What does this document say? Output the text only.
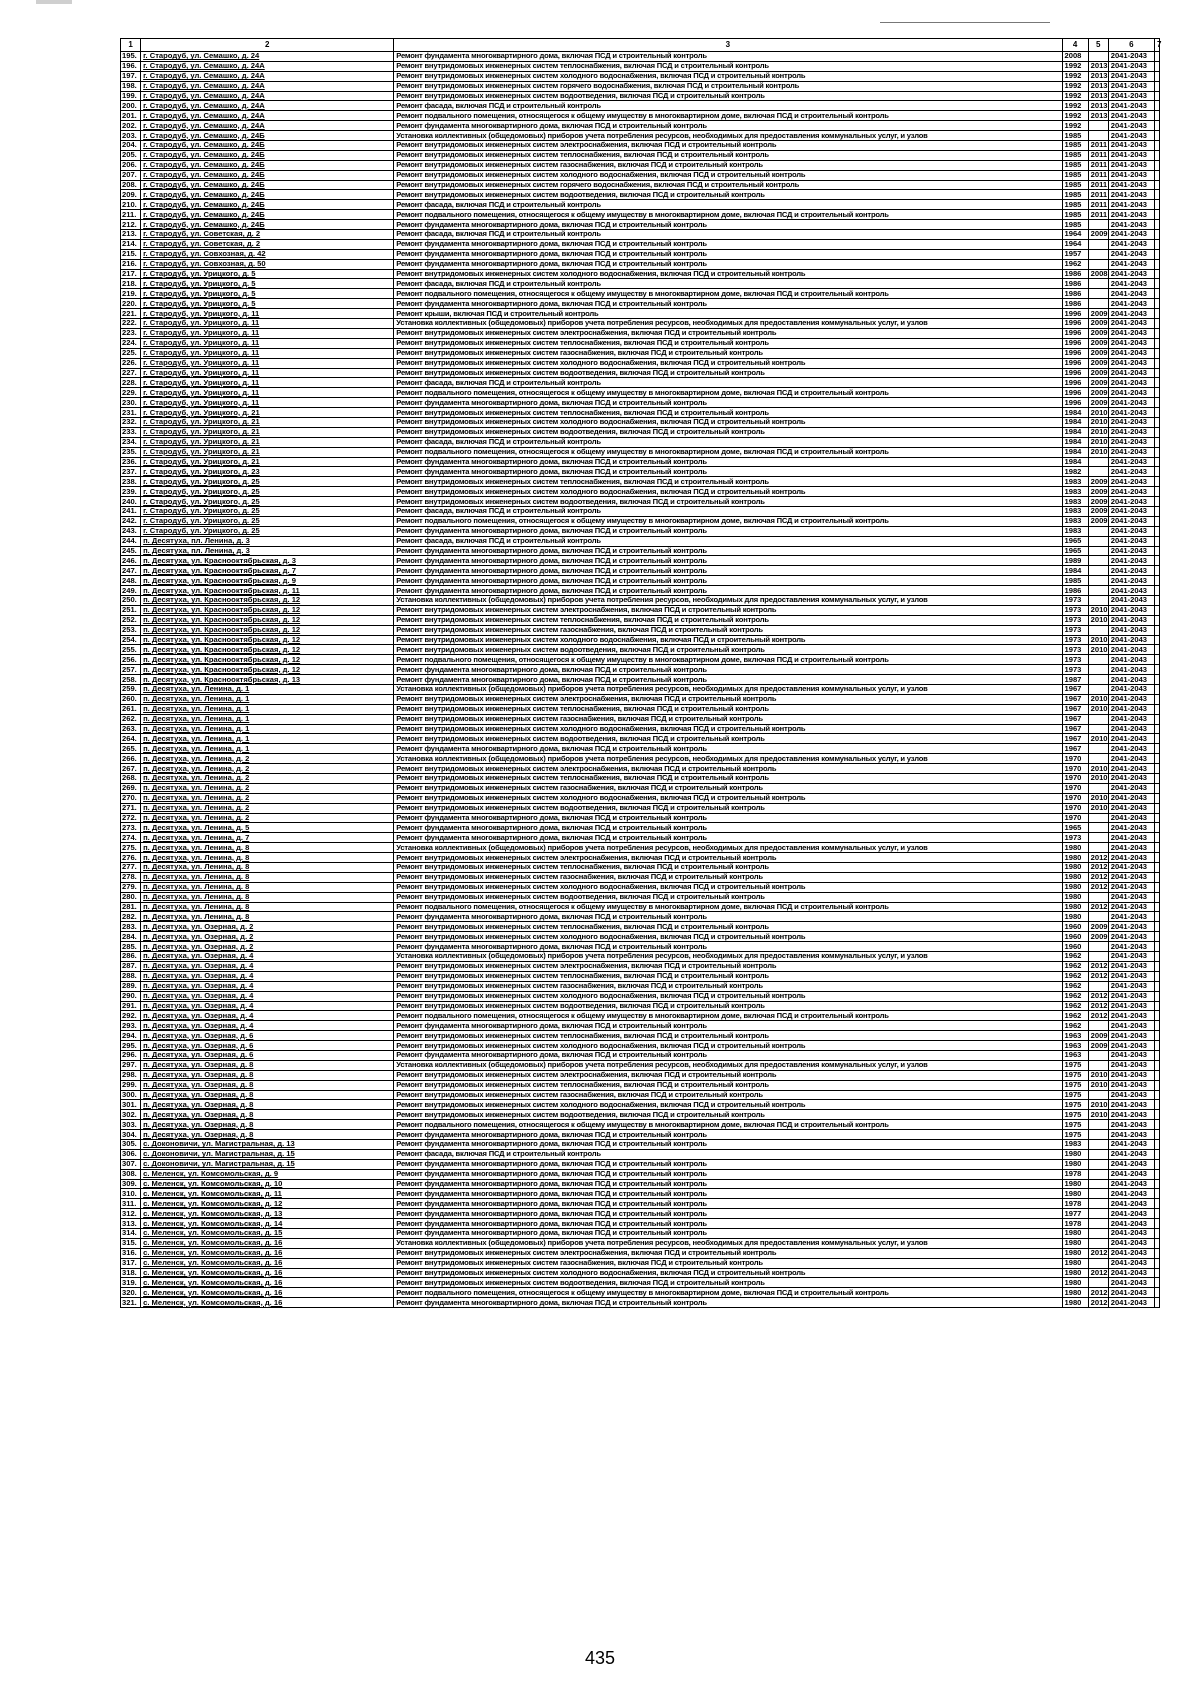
1	2	3	4	5	6	7
195.	г. Стародуб, ул. Семашко, д. 24	Ремонт фундамента многоквартирного дома, включая ПСД и строительный контроль	2008		2041-2043	
196.	г. Стародуб, ул. Семашко, д. 24А	Ремонт внутридомовых инженерных систем теплоснабжения, включая ПСД и строительный контроль	1992	2013	2041-2043	
197.	г. Стародуб, ул. Семашко, д. 24А	Ремонт внутридомовых инженерных систем холодного водоснабжения, включая ПСД и строительный контроль	1992	2013	2041-2043	
198.	г. Стародуб, ул. Семашко, д. 24А	Ремонт внутридомовых инженерных систем горячего водоснабжения, включая ПСД и строительный контроль	1992	2013	2041-2043	
199.	г. Стародуб, ул. Семашко, д. 24А	Ремонт внутридомовых инженерных систем водоотведения, включая ПСД и строительный контроль	1992	2013	2041-2043	
200.	г. Стародуб, ул. Семашко, д. 24А	Ремонт фасада, включая ПСД и строительный контроль	1992	2013	2041-2043	
201.	г. Стародуб, ул. Семашко, д. 24А	Ремонт подвального помещения, относящегося к общему имуществу в многоквартирном доме, включая ПСД и строительный контроль	1992	2013	2041-2043	
202.	г. Стародуб, ул. Семашко, д. 24А	Ремонт фундамента многоквартирного дома, включая ПСД и строительный контроль	1992		2041-2043	
203.	г. Стародуб, ул. Семашко, д. 24Б	Установка коллективных (общедомовых) приборов учета потребления ресурсов, необходимых для предоставления коммунальных услуг, и узлов	1985		2041-2043	
204.	г. Стародуб, ул. Семашко, д. 24Б	Ремонт внутридомовых инженерных систем электроснабжения, включая ПСД и строительный контроль	1985	2011	2041-2043	
205.	г. Стародуб, ул. Семашко, д. 24Б	Ремонт внутридомовых инженерных систем теплоснабжения, включая ПСД и строительный контроль	1985	2011	2041-2043	
206.	г. Стародуб, ул. Семашко, д. 24Б	Ремонт внутридомовых инженерных систем газоснабжения, включая ПСД и строительный контроль	1985	2011	2041-2043	
207.	г. Стародуб, ул. Семашко, д. 24Б	Ремонт внутридомовых инженерных систем холодного водоснабжения, включая ПСД и строительный контроль	1985	2011	2041-2043	
208.	г. Стародуб, ул. Семашко, д. 24Б	Ремонт внутридомовых инженерных систем горячего водоснабжения, включая ПСД и строительный контроль	1985	2011	2041-2043	
209.	г. Стародуб, ул. Семашко, д. 24Б	Ремонт внутридомовых инженерных систем водоотведения, включая ПСД и строительный контроль	1985	2011	2041-2043	
210.	г. Стародуб, ул. Семашко, д. 24Б	Ремонт фасада, включая ПСД и строительный контроль	1985	2011	2041-2043	
211.	г. Стародуб, ул. Семашко, д. 24Б	Ремонт подвального помещения, относящегося к общему имуществу в многоквартирном доме, включая ПСД и строительный контроль	1985	2011	2041-2043	
212.	г. Стародуб, ул. Семашко, д. 24Б	Ремонт фундамента многоквартирного дома, включая ПСД и строительный контроль	1985		2041-2043	
213.	г. Стародуб, ул. Советская, д. 2	Ремонт фасада, включая ПСД и строительный контроль	1964	2009	2041-2043	
214.	г. Стародуб, ул. Советская, д. 2	Ремонт фундамента многоквартирного дома, включая ПСД и строительный контроль	1964		2041-2043	
215.	г. Стародуб, ул. Совхозная, д. 42	Ремонт фундамента многоквартирного дома, включая ПСД и строительный контроль	1957		2041-2043	
216.	г. Стародуб, ул. Совхозная, д. 50	Ремонт фундамента многоквартирного дома, включая ПСД и строительный контроль	1962		2041-2043	
217.	г. Стародуб, ул. Урицкого, д. 5	Ремонт внутридомовых инженерных систем холодного водоснабжения, включая ПСД и строительный контроль	1986	2008	2041-2043	
218.	г. Стародуб, ул. Урицкого, д. 5	Ремонт фасада, включая ПСД и строительный контроль	1986		2041-2043	
219.	г. Стародуб, ул. Урицкого, д. 5	Ремонт подвального помещения, относящегося к общему имуществу в многоквартирном доме, включая ПСД и строительный контроль	1986		2041-2043	
220.	г. Стародуб, ул. Урицкого, д. 5	Ремонт фундамента многоквартирного дома, включая ПСД и строительный контроль	1986		2041-2043	
221.	г. Стародуб, ул. Урицкого, д. 11	Ремонт крыши, включая ПСД и строительный контроль	1996	2009	2041-2043	
222.	г. Стародуб, ул. Урицкого, д. 11	Установка коллективных (общедомовых) приборов учета потребления ресурсов, необходимых для предоставления коммунальных услуг, и узлов	1996	2009	2041-2043	
223.	г. Стародуб, ул. Урицкого, д. 11	Ремонт внутридомовых инженерных систем электроснабжения, включая ПСД и строительный контроль	1996	2009	2041-2043	
224.	г. Стародуб, ул. Урицкого, д. 11	Ремонт внутридомовых инженерных систем теплоснабжения, включая ПСД и строительный контроль	1996	2009	2041-2043	
225.	г. Стародуб, ул. Урицкого, д. 11	Ремонт внутридомовых инженерных систем газоснабжения, включая ПСД и строительный контроль	1996	2009	2041-2043	
226.	г. Стародуб, ул. Урицкого, д. 11	Ремонт внутридомовых инженерных систем холодного водоснабжения, включая ПСД и строительный контроль	1996	2009	2041-2043	
227.	г. Стародуб, ул. Урицкого, д. 11	Ремонт внутридомовых инженерных систем водоотведения, включая ПСД и строительный контроль	1996	2009	2041-2043	
228.	г. Стародуб, ул. Урицкого, д. 11	Ремонт фасада, включая ПСД и строительный контроль	1996	2009	2041-2043	
229.	г. Стародуб, ул. Урицкого, д. 11	Ремонт подвального помещения, относящегося к общему имуществу в многоквартирном доме, включая ПСД и строительный контроль	1996	2009	2041-2043	
230.	г. Стародуб, ул. Урицкого, д. 11	Ремонт фундамента многоквартирного дома, включая ПСД и строительный контроль	1996	2009	2041-2043	
231.	г. Стародуб, ул. Урицкого, д. 21	Ремонт внутридомовых инженерных систем теплоснабжения, включая ПСД и строительный контроль	1984	2010	2041-2043	
232.	г. Стародуб, ул. Урицкого, д. 21	Ремонт внутридомовых инженерных систем холодного водоснабжения, включая ПСД и строительный контроль	1984	2010	2041-2043	
233.	г. Стародуб, ул. Урицкого, д. 21	Ремонт внутридомовых инженерных систем водоотведения, включая ПСД и строительный контроль	1984	2010	2041-2043	
234.	г. Стародуб, ул. Урицкого, д. 21	Ремонт фасада, включая ПСД и строительный контроль	1984	2010	2041-2043	
235.	г. Стародуб, ул. Урицкого, д. 21	Ремонт подвального помещения, относящегося к общему имуществу в многоквартирном доме, включая ПСД и строительный контроль	1984	2010	2041-2043	
236.	г. Стародуб, ул. Урицкого, д. 21	Ремонт фундамента многоквартирного дома, включая ПСД и строительный контроль	1984		2041-2043	
237.	г. Стародуб, ул. Урицкого, д. 23	Ремонт фундамента многоквартирного дома, включая ПСД и строительный контроль	1982		2041-2043	
238.	г. Стародуб, ул. Урицкого, д. 25	Ремонт внутридомовых инженерных систем теплоснабжения, включая ПСД и строительный контроль	1983	2009	2041-2043	
239.	г. Стародуб, ул. Урицкого, д. 25	Ремонт внутридомовых инженерных систем холодного водоснабжения, включая ПСД и строительный контроль	1983	2009	2041-2043	
240.	г. Стародуб, ул. Урицкого, д. 25	Ремонт внутридомовых инженерных систем водоотведения, включая ПСД и строительный контроль	1983	2009	2041-2043	
241.	г. Стародуб, ул. Урицкого, д. 25	Ремонт фасада, включая ПСД и строительный контроль	1983	2009	2041-2043	
242.	г. Стародуб, ул. Урицкого, д. 25	Ремонт подвального помещения, относящегося к общему имуществу в многоквартирном доме, включая ПСД и строительный контроль	1983	2009	2041-2043	
243.	г. Стародуб, ул. Урицкого, д. 25	Ремонт фундамента многоквартирного дома, включая ПСД и строительный контроль	1983		2041-2043	
244.	п. Десятуха, пл. Ленина, д. 3	Ремонт фасада, включая ПСД и строительный контроль	1965		2041-2043	
245.	п. Десятуха, пл. Ленина, д. 3	Ремонт фундамента многоквартирного дома, включая ПСД и строительный контроль	1965		2041-2043	
246.	п. Десятуха, ул. Красноoктябрьская, д. 3	Ремонт фундамента многоквартирного дома, включая ПСД и строительный контроль	1989		2041-2043	
247.	п. Десятуха, ул. Красноoктябрьская, д. 7	Ремонт фундамента многоквартирного дома, включая ПСД и строительный контроль	1984		2041-2043	
248.	п. Десятуха, ул. Красноoктябрьская, д. 9	Ремонт фундамента многоквартирного дома, включая ПСД и строительный контроль	1985		2041-2043	
249.	п. Десятуха, ул. Красноoктябрьская, д. 11	Ремонт фундамента многоквартирного дома, включая ПСД и строительный контроль	1986		2041-2043	
250.	п. Десятуха, ул. Красноoктябрьская, д. 12	Установка коллективных (общедомовых) приборов учета потребления ресурсов, необходимых для предоставления коммунальных услуг, и узлов	1973		2041-2043	
251.	п. Десятуха, ул. Красноoктябрьская, д. 12	Ремонт внутридомовых инженерных систем электроснабжения, включая ПСД и строительный контроль	1973	2010	2041-2043	
252.	п. Десятуха, ул. Красноoктябрьская, д. 12	Ремонт внутридомовых инженерных систем теплоснабжения, включая ПСД и строительный контроль	1973	2010	2041-2043	
253.	п. Десятуха, ул. Красноoктябрьская, д. 12	Ремонт внутридомовых инженерных систем газоснабжения, включая ПСД и строительный контроль	1973		2041-2043	
254.	п. Десятуха, ул. Красноoктябрьская, д. 12	Ремонт внутридомовых инженерных систем холодного водоснабжения, включая ПСД и строительный контроль	1973	2010	2041-2043	
255.	п. Десятуха, ул. Красноoктябрьская, д. 12	Ремонт внутридомовых инженерных систем водоотведения, включая ПСД и строительный контроль	1973	2010	2041-2043	
256.	п. Десятуха, ул. Красноoктябрьская, д. 12	Ремонт подвального помещения, относящегося к общему имуществу в многоквартирном доме, включая ПСД и строительный контроль	1973		2041-2043	
257.	п. Десятуха, ул. Красноoктябрьская, д. 12	Ремонт фундамента многоквартирного дома, включая ПСД и строительный контроль	1973		2041-2043	
258.	п. Десятуха, ул. Красноoктябрьская, д. 13	Ремонт фундамента многоквартирного дома, включая ПСД и строительный контроль	1987		2041-2043	
259.	п. Десятуха, ул. Ленина, д. 1	Установка коллективных (общедомовых) приборов учета потребления ресурсов, необходимых для предоставления коммунальных услуг, и узлов	1967		2041-2043	
260.	п. Десятуха, ул. Ленина, д. 1	Ремонт внутридомовых инженерных систем электроснабжения, включая ПСД и строительный контроль	1967	2010	2041-2043	
261.	п. Десятуха, ул. Ленина, д. 1	Ремонт внутридомовых инженерных систем теплоснабжения, включая ПСД и строительный контроль	1967	2010	2041-2043	
262.	п. Десятуха, ул. Ленина, д. 1	Ремонт внутридомовых инженерных систем газоснабжения, включая ПСД и строительный контроль	1967		2041-2043	
263.	п. Десятуха, ул. Ленина, д. 1	Ремонт внутридомовых инженерных систем холодного водоснабжения, включая ПСД и строительный контроль	1967		2041-2043	
264.	п. Десятуха, ул. Ленина, д. 1	Ремонт внутридомовых инженерных систем водоотведения, включая ПСД и строительный контроль	1967	2010	2041-2043	
265.	п. Десятуха, ул. Ленина, д. 1	Ремонт фундамента многоквартирного дома, включая ПСД и строительный контроль	1967		2041-2043	
266.	п. Десятуха, ул. Ленина, д. 2	Установка коллективных (общедомовых) приборов учета потребления ресурсов, необходимых для предоставления коммунальных услуг, и узлов	1970		2041-2043	
267.	п. Десятуха, ул. Ленина, д. 2	Ремонт внутридомовых инженерных систем электроснабжения, включая ПСД и строительный контроль	1970	2010	2041-2043	
268.	п. Десятуха, ул. Ленина, д. 2	Ремонт внутридомовых инженерных систем теплоснабжения, включая ПСД и строительный контроль	1970	2010	2041-2043	
269.	п. Десятуха, ул. Ленина, д. 2	Ремонт внутридомовых инженерных систем газоснабжения, включая ПСД и строительный контроль	1970		2041-2043	
270.	п. Десятуха, ул. Ленина, д. 2	Ремонт внутридомовых инженерных систем холодного водоснабжения, включая ПСД и строительный контроль	1970	2010	2041-2043	
271.	п. Десятуха, ул. Ленина, д. 2	Ремонт внутридомовых инженерных систем водоотведения, включая ПСД и строительный контроль	1970	2010	2041-2043	
272.	п. Десятуха, ул. Ленина, д. 2	Ремонт фундамента многоквартирного дома, включая ПСД и строительный контроль	1970		2041-2043	
273.	п. Десятуха, ул. Ленина, д. 5	Ремонт фундамента многоквартирного дома, включая ПСД и строительный контроль	1965		2041-2043	
274.	п. Десятуха, ул. Ленина, д. 7	Ремонт фундамента многоквартирного дома, включая ПСД и строительный контроль	1973		2041-2043	
275.	п. Десятуха, ул. Ленина, д. 8	Установка коллективных (общедомовых) приборов учета потребления ресурсов, необходимых для предоставления коммунальных услуг, и узлов	1980		2041-2043	
276.	п. Десятуха, ул. Ленина, д. 8	Ремонт внутридомовых инженерных систем электроснабжения, включая ПСД и строительный контроль	1980	2012	2041-2043	
277.	п. Десятуха, ул. Ленина, д. 8	Ремонт внутридомовых инженерных систем теплоснабжения, включая ПСД и строительный контроль	1980	2012	2041-2043	
278.	п. Десятуха, ул. Ленина, д. 8	Ремонт внутридомовых инженерных систем газоснабжения, включая ПСД и строительный контроль	1980	2012	2041-2043	
279.	п. Десятуха, ул. Ленина, д. 8	Ремонт внутридомовых инженерных систем холодного водоснабжения, включая ПСД и строительный контроль	1980	2012	2041-2043	
280.	п. Десятуха, ул. Ленина, д. 8	Ремонт внутридомовых инженерных систем водоотведения, включая ПСД и строительный контроль	1980		2041-2043	
281.	п. Десятуха, ул. Ленина, д. 8	Ремонт подвального помещения, относящегося к общему имуществу в многоквартирном доме, включая ПСД и строительный контроль	1980	2012	2041-2043	
282.	п. Десятуха, ул. Ленина, д. 8	Ремонт фундамента многоквартирного дома, включая ПСД и строительный контроль	1980		2041-2043	
283.	п. Десятуха, ул. Озерная, д. 2	Ремонт внутридомовых инженерных систем теплоснабжения, включая ПСД и строительный контроль	1960	2009	2041-2043	
284.	п. Десятуха, ул. Озерная, д. 2	Ремонт внутридомовых инженерных систем холодного водоснабжения, включая ПСД и строительный контроль	1960	2009	2041-2043	
285.	п. Десятуха, ул. Озерная, д. 2	Ремонт фундамента многоквартирного дома, включая ПСД и строительный контроль	1960		2041-2043	
286.	п. Десятуха, ул. Озерная, д. 4	Установка коллективных (общедомовых) приборов учета потребления ресурсов, необходимых для предоставления коммунальных услуг, и узлов	1962		2041-2043	
287.	п. Десятуха, ул. Озерная, д. 4	Ремонт внутридомовых инженерных систем электроснабжения, включая ПСД и строительный контроль	1962	2012	2041-2043	
288.	п. Десятуха, ул. Озерная, д. 4	Ремонт внутридомовых инженерных систем теплоснабжения, включая ПСД и строительный контроль	1962	2012	2041-2043	
289.	п. Десятуха, ул. Озерная, д. 4	Ремонт внутридомовых инженерных систем газоснабжения, включая ПСД и строительный контроль	1962		2041-2043	
290.	п. Десятуха, ул. Озерная, д. 4	Ремонт внутридомовых инженерных систем холодного водоснабжения, включая ПСД и строительный контроль	1962	2012	2041-2043	
291.	п. Десятуха, ул. Озерная, д. 4	Ремонт внутридомовых инженерных систем водоотведения, включая ПСД и строительный контроль	1962	2012	2041-2043	
292.	п. Десятуха, ул. Озерная, д. 4	Ремонт подвального помещения, относящегося к общему имуществу в многоквартирном доме, включая ПСД и строительный контроль	1962	2012	2041-2043	
293.	п. Десятуха, ул. Озерная, д. 4	Ремонт фундамента многоквартирного дома, включая ПСД и строительный контроль	1962		2041-2043	
294.	п. Десятуха, ул. Озерная, д. 6	Ремонт внутридомовых инженерных систем теплоснабжения, включая ПСД и строительный контроль	1963	2009	2041-2043	
295.	п. Десятуха, ул. Озерная, д. 6	Ремонт внутридомовых инженерных систем холодного водоснабжения, включая ПСД и строительный контроль	1963	2009	2041-2043	
296.	п. Десятуха, ул. Озерная, д. 6	Ремонт фундамента многоквартирного дома, включая ПСД и строительный контроль	1963		2041-2043	
297.	п. Десятуха, ул. Озерная, д. 8	Установка коллективных (общедомовых) приборов учета потребления ресурсов, необходимых для предоставления коммунальных услуг, и узлов	1975		2041-2043	
298.	п. Десятуха, ул. Озерная, д. 8	Ремонт внутридомовых инженерных систем электроснабжения, включая ПСД и строительный контроль	1975	2010	2041-2043	
299.	п. Десятуха, ул. Озерная, д. 8	Ремонт внутридомовых инженерных систем теплоснабжения, включая ПСД и строительный контроль	1975	2010	2041-2043	
300.	п. Десятуха, ул. Озерная, д. 8	Ремонт внутридомовых инженерных систем газоснабжения, включая ПСД и строительный контроль	1975		2041-2043	
301.	п. Десятуха, ул. Озерная, д. 8	Ремонт внутридомовых инженерных систем холодного водоснабжения, включая ПСД и строительный контроль	1975	2010	2041-2043	
302.	п. Десятуха, ул. Озерная, д. 8	Ремонт внутридомовых инженерных систем водоотведения, включая ПСД и строительный контроль	1975	2010	2041-2043	
303.	п. Десятуха, ул. Озерная, д. 8	Ремонт подвального помещения, относящегося к общему имуществу в многоквартирном доме, включая ПСД и строительный контроль	1975		2041-2043	
304.	п. Десятуха, ул. Озерная, д. 8	Ремонт фундамента многоквартирного дома, включая ПСД и строительный контроль	1975		2041-2043	
305.	с. Доконовичи, ул. Магистральная, д. 13	Ремонт фундамента многоквартирного дома, включая ПСД и строительный контроль	1983		2041-2043	
306.	с. Доконовичи, ул. Магистральная, д. 15	Ремонт фасада, включая ПСД и строительный контроль	1980		2041-2043	
307.	с. Доконовичи, ул. Магистральная, д. 15	Ремонт фундамента многоквартирного дома, включая ПСД и строительный контроль	1980		2041-2043	
308.	с. Меленск, ул. Комсомольская, д. 9	Ремонт фундамента многоквартирного дома, включая ПСД и строительный контроль	1978		2041-2043	
309.	с. Меленск, ул. Комсомольская, д. 10	Ремонт фундамента многоквартирного дома, включая ПСД и строительный контроль	1980		2041-2043	
310.	с. Меленск, ул. Комсомольская, д. 11	Ремонт фундамента многоквартирного дома, включая ПСД и строительный контроль	1980		2041-2043	
311.	с. Меленск, ул. Комсомольская, д. 12	Ремонт фундамента многоквартирного дома, включая ПСД и строительный контроль	1978		2041-2043	
312.	с. Меленск, ул. Комсомольская, д. 13	Ремонт фундамента многоквартирного дома, включая ПСД и строительный контроль	1977		2041-2043	
313.	с. Меленск, ул. Комсомольская, д. 14	Ремонт фундамента многоквартирного дома, включая ПСД и строительный контроль	1978		2041-2043	
314.	с. Меленск, ул. Комсомольская, д. 15	Ремонт фундамента многоквартирного дома, включая ПСД и строительный контроль	1980		2041-2043	
315.	с. Меленск, ул. Комсомольская, д. 16	Установка коллективных (общедомовых) приборов учета потребления ресурсов, необходимых для предоставления коммунальных услуг, и узлов	1980		2041-2043	
316.	с. Меленск, ул. Комсомольская, д. 16	Ремонт внутридомовых инженерных систем электроснабжения, включая ПСД и строительный контроль	1980	2012	2041-2043	
317.	с. Меленск, ул. Комсомольская, д. 16	Ремонт внутридомовых инженерных систем газоснабжения, включая ПСД и строительный контроль	1980		2041-2043	
318.	с. Меленск, ул. Комсомольская, д. 16	Ремонт внутридомовых инженерных систем холодного водоснабжения, включая ПСД и строительный контроль	1980	2012	2041-2043	
319.	с. Меленск, ул. Комсомольская, д. 16	Ремонт внутридомовых инженерных систем водоотведения, включая ПСД и строительный контроль	1980		2041-2043	
320.	с. Меленск, ул. Комсомольская, д. 16	Ремонт подвального помещения, относящегося к общему имуществу в многоквартирном доме, включая ПСД и строительный контроль	1980	2012	2041-2043	
321.	с. Меленск, ул. Комсомольская, д. 16	Ремонт фундамента многоквартирного дома, включая ПСД и строительный контроль	1980	2012	2041-2043	
435
